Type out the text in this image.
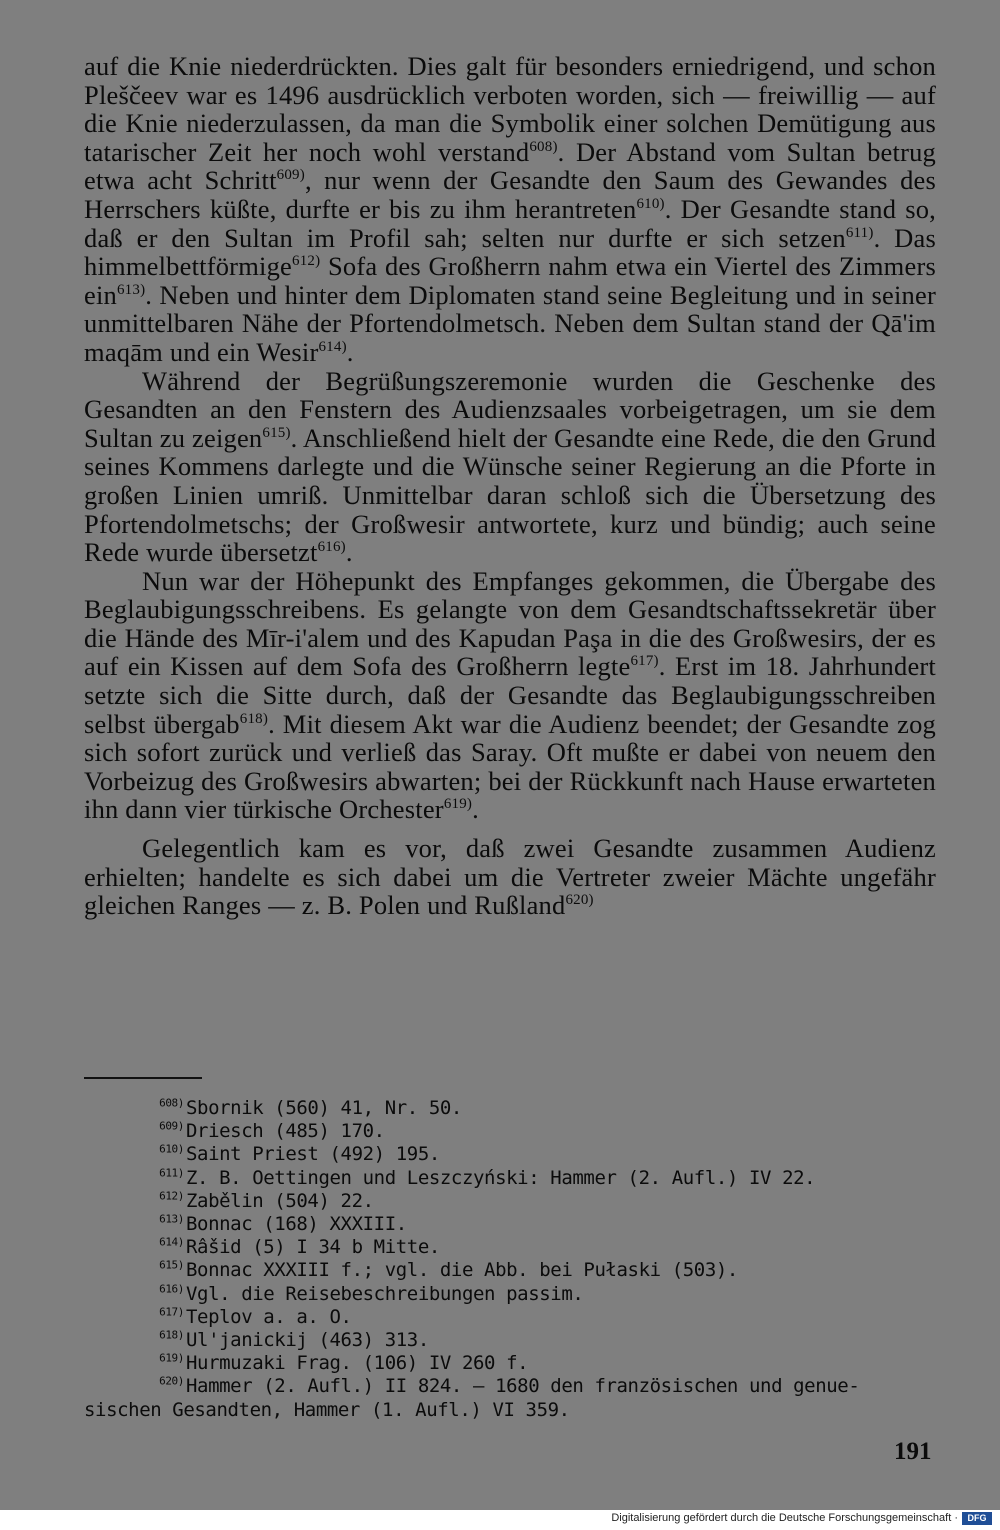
auf die Knie niederdrückten. Dies galt für besonders erniedrigend, und schon Pleščeev war es 1496 ausdrücklich verboten worden, sich — freiwillig — auf die Knie niederzulassen, da man die Symbolik einer solchen Demütigung aus tatarischer Zeit her noch wohl verstand$^{608)}$. Der Abstand vom Sultan betrug etwa acht Schritt$^{609)}$, nur wenn der Gesandte den Saum des Gewandes des Herrschers küßte, durfte er bis zu ihm herantreten$^{610)}$. Der Gesandte stand so, daß er den Sultan im Profil sah; selten nur durfte er sich setzen$^{611)}$. Das himmelbettförmige$^{612)}$ Sofa des Großherrn nahm etwa ein Viertel des Zimmers ein$^{613)}$. Neben und hinter dem Diplomaten stand seine Begleitung und in seiner unmittelbaren Nähe der Pfortendolmetsch. Neben dem Sultan stand der Qā'im maqām und ein Wesir$^{614)}$.

Während der Begrüßungszeremonie wurden die Geschenke des Gesandten an den Fenstern des Audienzsaales vorbeigetragen, um sie dem Sultan zu zeigen$^{615)}$. Anschließend hielt der Gesandte eine Rede, die den Grund seines Kommens darlegte und die Wünsche seiner Regierung an die Pforte in großen Linien umriß. Unmittelbar daran schloß sich die Übersetzung des Pfortendolmetschs; der Großwesir antwortete, kurz und bündig; auch seine Rede wurde übersetzt$^{616)}$.

Nun war der Höhepunkt des Empfanges gekommen, die Übergabe des Beglaubigungsschreibens. Es gelangte von dem Gesandtschaftssekretär über die Hände des Mīr-i'alem und des Kapudan Paşa in die des Großwesirs, der es auf ein Kissen auf dem Sofa des Großherrn legte$^{617)}$. Erst im 18. Jahrhundert setzte sich die Sitte durch, daß der Gesandte das Beglaubigungsschreiben selbst übergab$^{618)}$. Mit diesem Akt war die Audienz beendet; der Gesandte zog sich sofort zurück und verließ das Saray. Oft mußte er dabei von neuem den Vorbeizug des Großwesirs abwarten; bei der Rückkunft nach Hause erwarteten ihn dann vier türkische Orchester$^{619)}$.

Gelegentlich kam es vor, daß zwei Gesandte zusammen Audienz erhielten; handelte es sich dabei um die Vertreter zweier Mächte ungefähr gleichen Ranges — z. B. Polen und Rußland$^{620)}$

$^{608)}$ Sbornik (560) 41, Nr. 50.
$^{609)}$ Driesch (485) 170.
$^{610)}$ Saint Priest (492) 195.
$^{611)}$ Z. B. Oettingen und Leszczyński: Hammer (2. Aufl.) IV 22.
$^{612)}$ Zabělin (504) 22.
$^{613)}$ Bonnac (168) XXXIII.
$^{614)}$ Râšid (5) I 34 b Mitte.
$^{615)}$ Bonnac XXXIII f.; vgl. die Abb. bei Pułaski (503).
$^{616)}$ Vgl. die Reisebeschreibungen passim.
$^{617)}$ Teplov a. a. O.
$^{618)}$ Ul'janickij (463) 313.
$^{619)}$ Hurmuzaki Frag. (106) IV 260 f.
$^{620)}$ Hammer (2. Aufl.) II 824. — 1680 den französischen und genue-
sischen Gesandten, Hammer (1. Aufl.) VI 359.
191
Digitalisierung gefördert durch die Deutsche Forschungsgemeinschaft ·	DFG
